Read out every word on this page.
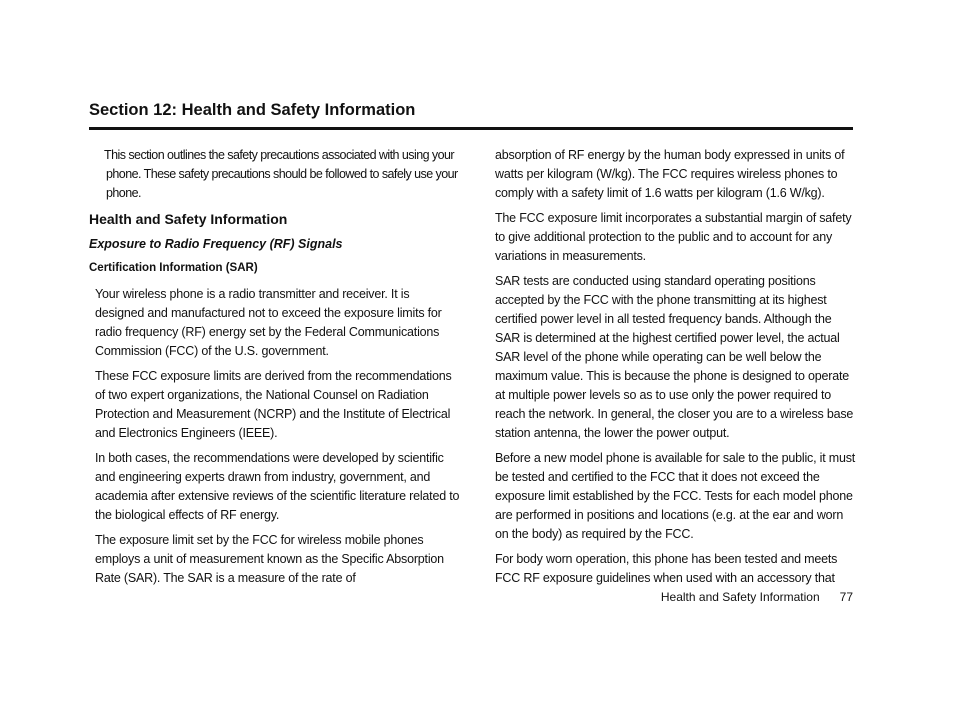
Section 12: Health and Safety Information

This section outlines the safety precautions associated with using your phone. These safety precautions should be followed to safely use your phone.

Health and Safety Information
Exposure to Radio Frequency (RF) Signals
Certification Information (SAR)

Your wireless phone is a radio transmitter and receiver. It is designed and manufactured not to exceed the exposure limits for radio frequency (RF) energy set by the Federal Communications Commission (FCC) of the U.S. government.

These FCC exposure limits are derived from the recommendations of two expert organizations, the National Counsel on Radiation Protection and Measurement (NCRP) and the Institute of Electrical and Electronics Engineers (IEEE).

In both cases, the recommendations were developed by scientific and engineering experts drawn from industry, government, and academia after extensive reviews of the scientific literature related to the biological effects of RF energy.

The exposure limit set by the FCC for wireless mobile phones employs a unit of measurement known as the Specific Absorption Rate (SAR). The SAR is a measure of the rate of

absorption of RF energy by the human body expressed in units of watts per kilogram (W/kg). The FCC requires wireless phones to comply with a safety limit of 1.6 watts per kilogram (1.6 W/kg).

The FCC exposure limit incorporates a substantial margin of safety to give additional protection to the public and to account for any variations in measurements.

SAR tests are conducted using standard operating positions accepted by the FCC with the phone transmitting at its highest certified power level in all tested frequency bands. Although the SAR is determined at the highest certified power level, the actual SAR level of the phone while operating can be well below the maximum value. This is because the phone is designed to operate at multiple power levels so as to use only the power required to reach the network. In general, the closer you are to a wireless base station antenna, the lower the power output.

Before a new model phone is available for sale to the public, it must be tested and certified to the FCC that it does not exceed the exposure limit established by the FCC. Tests for each model phone are performed in positions and locations (e.g. at the ear and worn on the body) as required by the FCC.

For body worn operation, this phone has been tested and meets FCC RF exposure guidelines when used with an accessory that

Health and Safety Information 77
